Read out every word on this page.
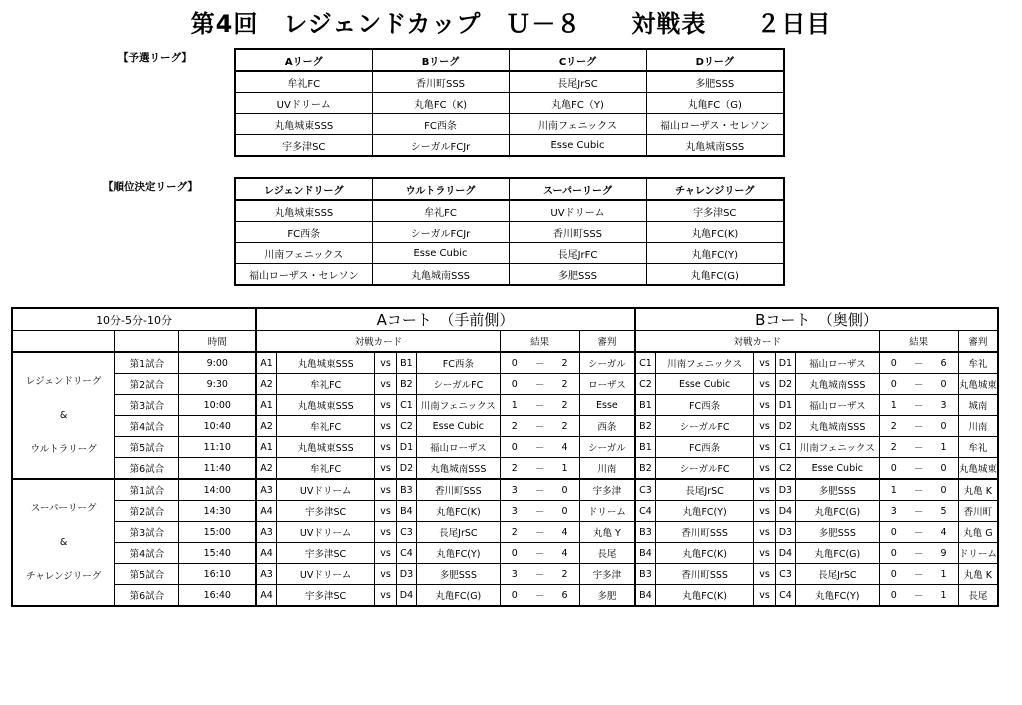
第4回　レジェンドカップ　Ｕ－８　　対戦表　　２日目
【予選リーグ】	Aリーグ	Bリーグ	Cリーグ	Dリーグ
牟礼FC	香川町SSS	長尾JrSC	多肥SSS
UVドリーム	丸亀FC（K)	丸亀FC（Y)	丸亀FC（G)
丸亀城東SSS	FC西条	川南フェニックス	福山ローザス・セレソン
宇多津SC	シーガルFCJr	Esse Cubic	丸亀城南SSS
【順位決定リーグ】	レジェンドリーグ	ウルトラリーグ	スーパーリーグ	チャレンジリーグ
丸亀城東SSS	牟礼FC	UVドリーム	宇多津SC
FC西条	シーガルFCJr	香川町SSS	丸亀FC(K)
川南フェニックス	Esse Cubic	長尾JrFC	丸亀FC(Y)
福山ローザス・セレソン	丸亀城南SSS	多肥SSS	丸亀FC(G)
10分-5分-10分			Aコート　（手前側）									Bコート　（奥側）								
		時間	対戦カード					結果			審判	対戦カード					結果			審判

レジェンドリーグ
&
ウルトラリーグ	第1試合	9:00	A1	丸亀城東SSS	vs	B1	FC西条	0	－	2	シーガル	C1	川南フェニックス	vs	D1	福山ローザス	0	－	6	牟礼
	第2試合	9:30	A2	牟礼FC	vs	B2	シーガルFC	0	－	2	ローザス	C2	Esse Cubic	vs	D2	丸亀城南SSS	0	－	0	丸亀城東
	第3試合	10:00	A1	丸亀城東SSS	vs	C1	川南フェニックス	1	－	2	Esse	B1	FC西条	vs	D1	福山ローザス	1	－	3	城南
	第4試合	10:40	A2	牟礼FC	vs	C2	Esse Cubic	2	－	2	西条	B2	シーガルFC	vs	D2	丸亀城南SSS	2	－	0	川南
	第5試合	11:10	A1	丸亀城東SSS	vs	D1	福山ローザス	0	－	4	シーガル	B1	FC西条	vs	C1	川南フェニックス	2	－	1	牟礼
	第6試合	11:40	A2	牟礼FC	vs	D2	丸亀城南SSS	2	－	1	川南	B2	シーガルFC	vs	C2	Esse Cubic	0	－	0	丸亀城東

スーパーリーグ
&
チャレンジリーグ	第1試合	14:00	A3	UVドリーム	vs	B3	香川町SSS	3	－	0	宇多津	C3	長尾JrSC	vs	D3	多肥SSS	1	－	0	丸亀 K
	第2試合	14:30	A4	宇多津SC	vs	B4	丸亀FC(K)	3	－	0	ドリーム	C4	丸亀FC(Y)	vs	D4	丸亀FC(G)	3	－	5	香川町
	第3試合	15:00	A3	UVドリーム	vs	C3	長尾JrSC	2	－	4	丸亀 Y	B3	香川町SSS	vs	D3	多肥SSS	0	－	4	丸亀 G
	第4試合	15:40	A4	宇多津SC	vs	C4	丸亀FC(Y)	0	－	4	長尾	B4	丸亀FC(K)	vs	D4	丸亀FC(G)	0	－	9	ドリーム
	第5試合	16:10	A3	UVドリーム	vs	D3	多肥SSS	3	－	2	宇多津	B3	香川町SSS	vs	C3	長尾JrSC	0	－	1	丸亀 K
	第6試合	16:40	A4	宇多津SC	vs	D4	丸亀FC(G)	0	－	6	多肥	B4	丸亀FC(K)	vs	C4	丸亀FC(Y)	0	－	1	長尾
